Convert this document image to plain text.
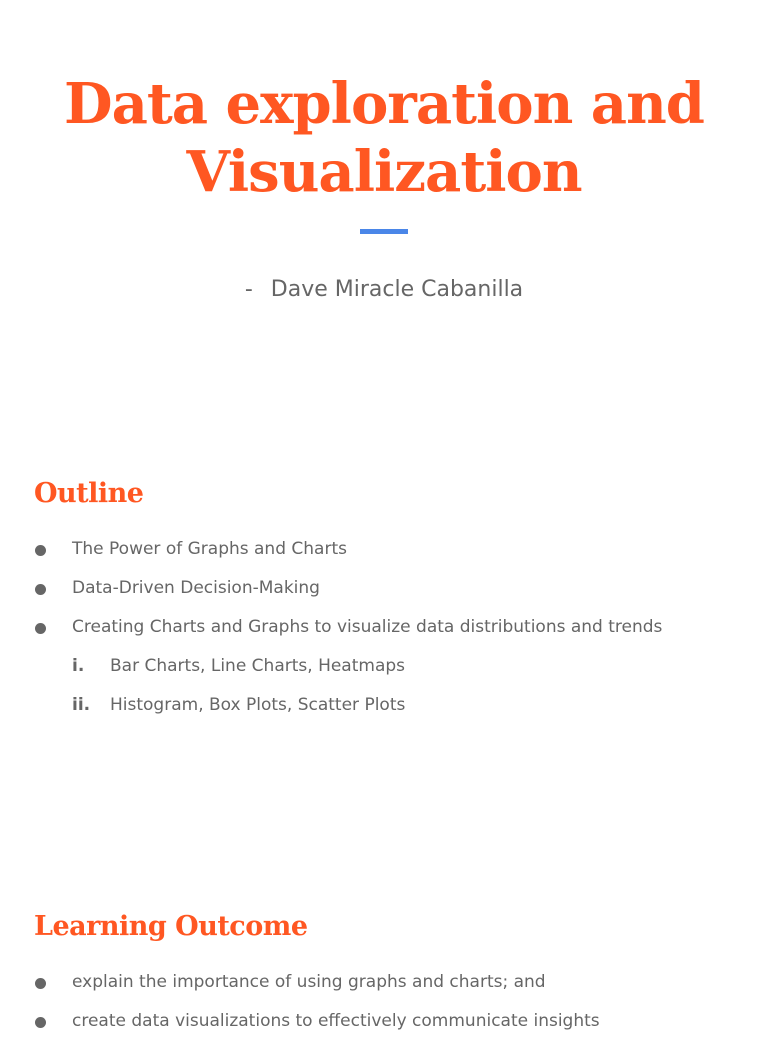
Data exploration and
Visualization
- Dave Miracle Cabanilla
Outline
The Power of Graphs and Charts
Data-Driven Decision-Making
Creating Charts and Graphs to visualize data distributions and trends
i. Bar Charts, Line Charts, Heatmaps
ii. Histogram, Box Plots, Scatter Plots
Learning Outcome
explain the importance of using graphs and charts; and
create data visualizations to effectively communicate insights
